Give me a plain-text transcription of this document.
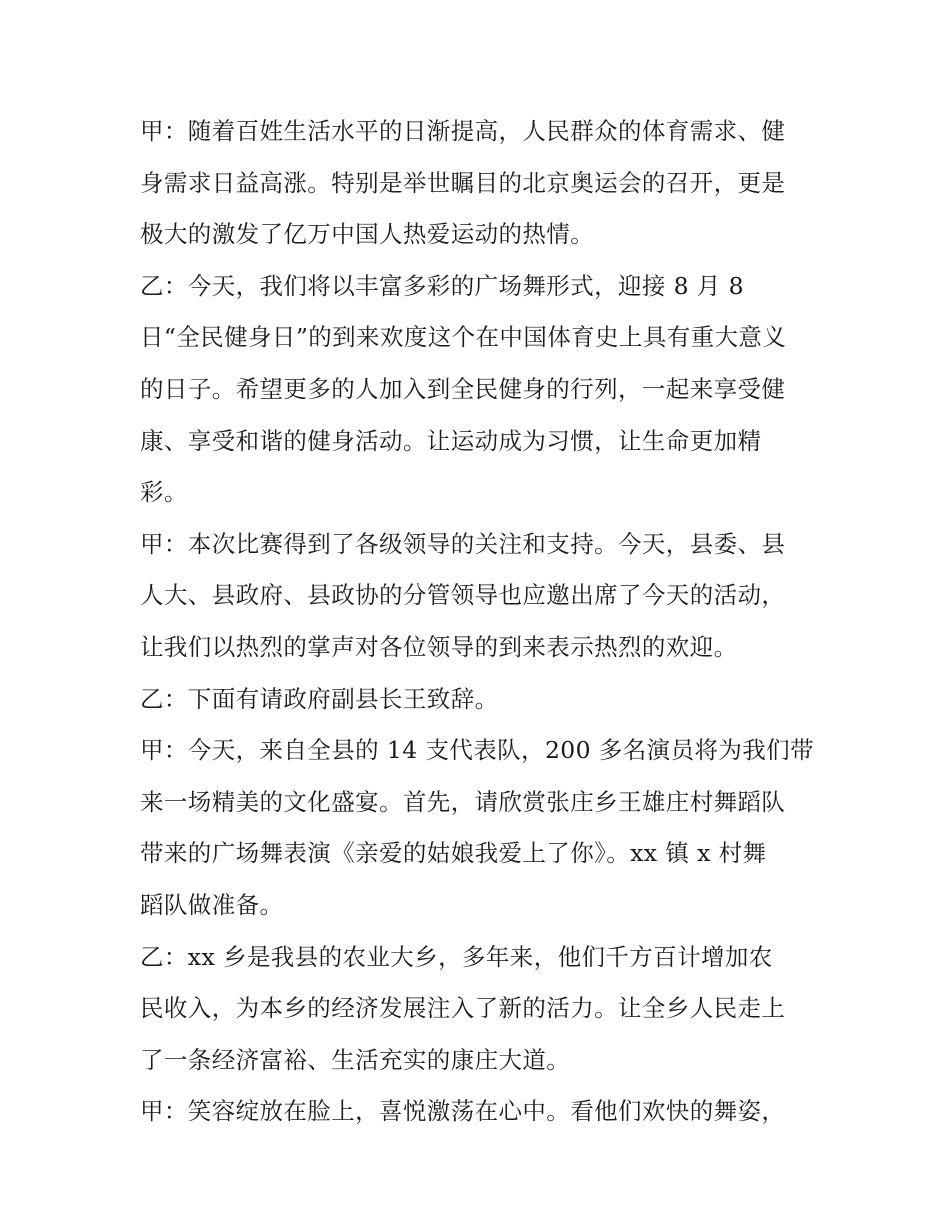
甲：随着百姓生活水平的日渐提高，人民群众的体育需求、健
身需求日益高涨。特别是举世瞩目的北京奥运会的召开，更是
极大的激发了亿万中国人热爱运动的热情。
乙：今天，我们将以丰富多彩的广场舞形式，迎接 8 月 8
日“全民健身日”的到来欢度这个在中国体育史上具有重大意义
的日子。希望更多的人加入到全民健身的行列，一起来享受健
康、享受和谐的健身活动。让运动成为习惯，让生命更加精
彩。
甲：本次比赛得到了各级领导的关注和支持。今天，县委、县
人大、县政府、县政协的分管领导也应邀出席了今天的活动，
让我们以热烈的掌声对各位领导的到来表示热烈的欢迎。
乙：下面有请政府副县长王致辞。
甲：今天，来自全县的 14 支代表队，200 多名演员将为我们带
来一场精美的文化盛宴。首先，请欣赏张庄乡王雄庄村舞蹈队
带来的广场舞表演《亲爱的姑娘我爱上了你》。xx 镇 x 村舞
蹈队做准备。
乙：xx 乡是我县的农业大乡，多年来，他们千方百计增加农
民收入，为本乡的经济发展注入了新的活力。让全乡人民走上
了一条经济富裕、生活充实的康庄大道。
甲：笑容绽放在脸上，喜悦激荡在心中。看他们欢快的舞姿，
